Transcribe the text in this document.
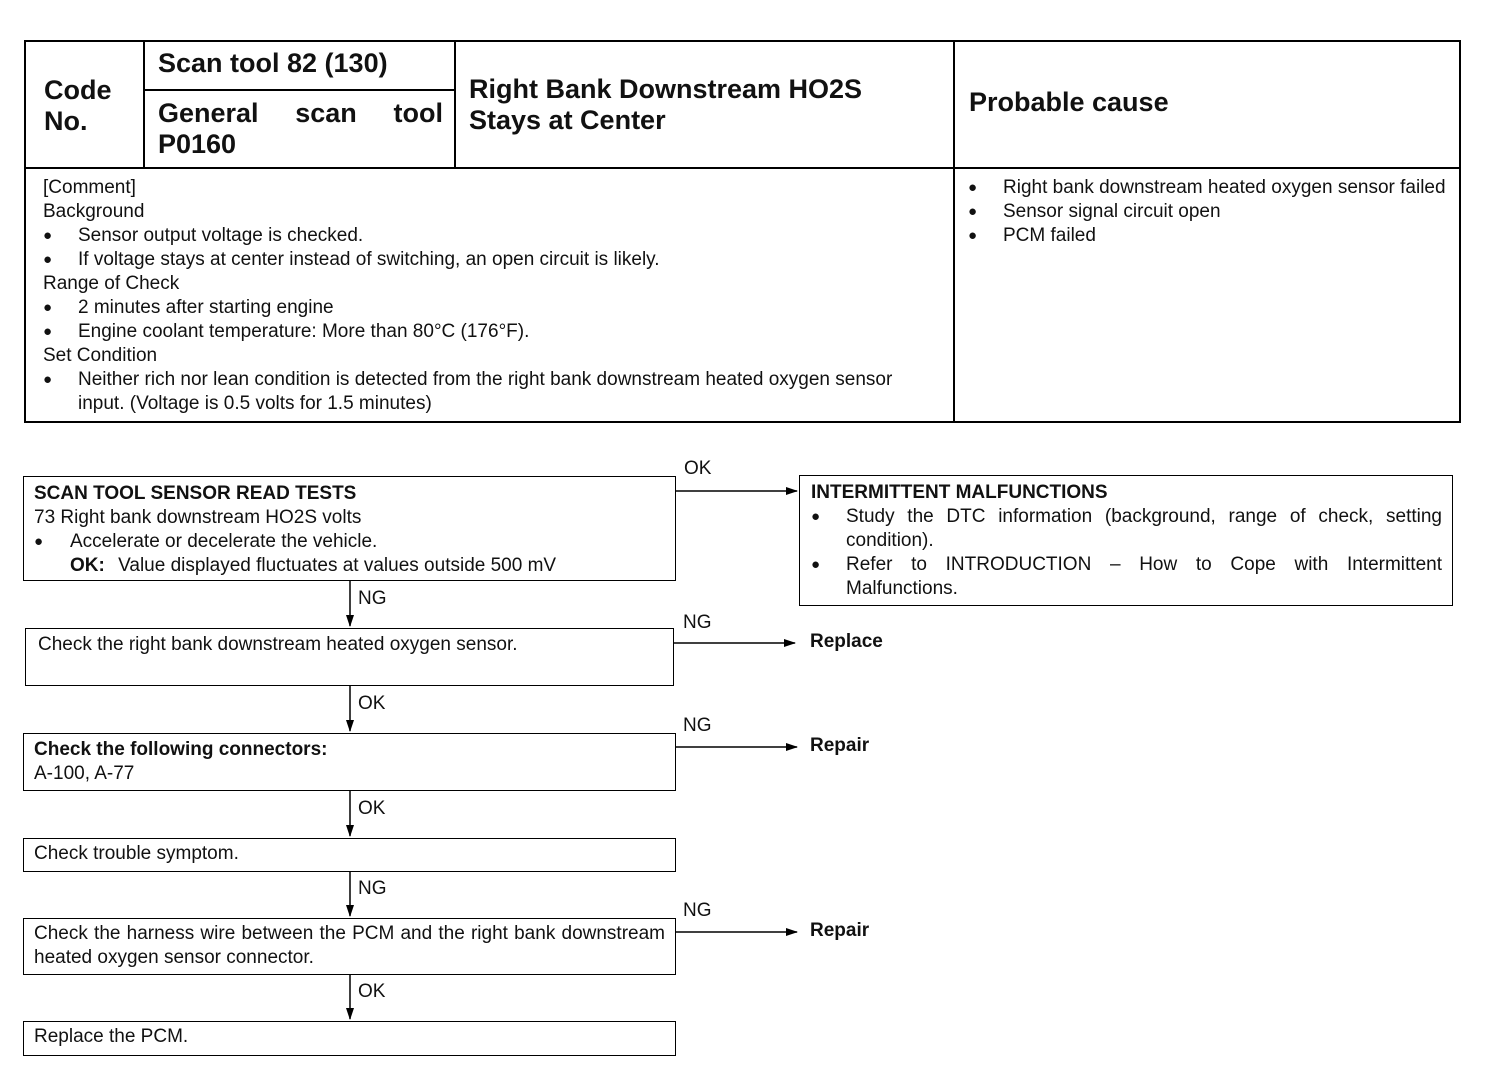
Code No.
Scan tool 82 (130)
General scan tool P0160
Right Bank Downstream HO2S Stays at Center
Probable cause
[Comment]
Background
● Sensor output voltage is checked.
● If voltage stays at center instead of switching, an open circuit is likely.
Range of Check
● 2 minutes after starting engine
● Engine coolant temperature: More than 80°C (176°F).
Set Condition
● Neither rich nor lean condition is detected from the right bank downstream heated oxygen sensor input. (Voltage is 0.5 volts for 1.5 minutes)
● Right bank downstream heated oxygen sensor failed
● Sensor signal circuit open
● PCM failed
SCAN TOOL SENSOR READ TESTS
73 Right bank downstream HO2S volts
● Accelerate or decelerate the vehicle.
OK: Value displayed fluctuates at values outside 500 mV
INTERMITTENT MALFUNCTIONS
● Study the DTC information (background, range of check, setting condition).
● Refer to INTRODUCTION – How to Cope with Intermittent Malfunctions.
Check the right bank downstream heated oxygen sensor.
Check the following connectors:
A-100, A-77
Check trouble symptom.
Check the harness wire between the PCM and the right bank downstream heated oxygen sensor connector.
Replace the PCM.
OK
NG
NG
OK
NG
OK
NG
NG
OK
Replace
Repair
Repair
